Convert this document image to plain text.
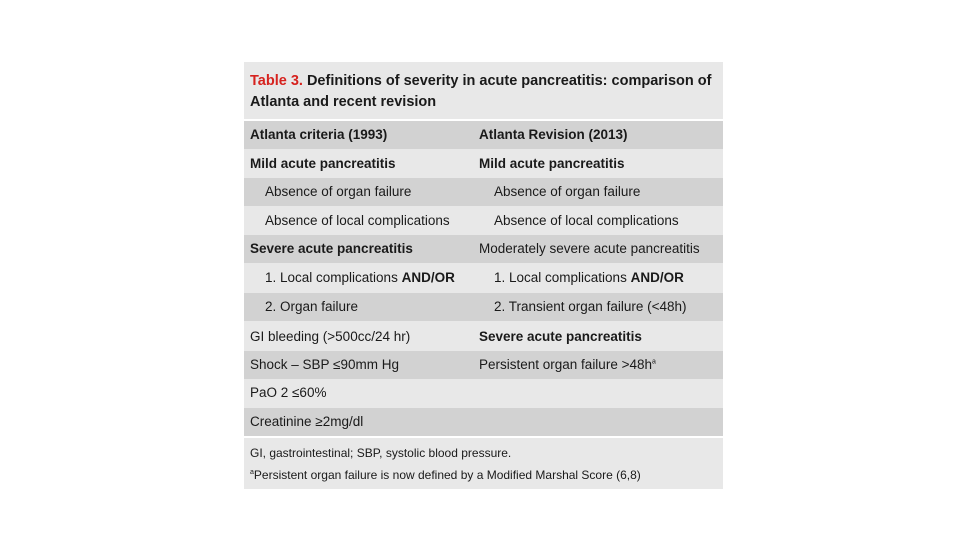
Table 3. Definitions of severity in acute pancreatitis: comparison of Atlanta and recent revision
Atlanta criteria (1993)	Atlanta Revision (2013)
Mild acute pancreatitis	Mild acute pancreatitis
Absence of organ failure	Absence of organ failure
Absence of local complications	Absence of local complications
Severe acute pancreatitis	Moderately severe acute pancreatitis
1. Local complications AND/OR	1. Local complications AND/OR
2. Organ failure	2. Transient organ failure (<48h)
GI bleeding (>500cc/24 hr)	Severe acute pancreatitis
Shock – SBP ≤90mm Hg	Persistent organ failure $>48h^a$
PaO 2 ≤60%
Creatinine ≥2mg/dl
GI, gastrointestinal; SBP, systolic blood pressure.
$^a$Persistent organ failure is now defined by a Modified Marshal Score (6,8)
